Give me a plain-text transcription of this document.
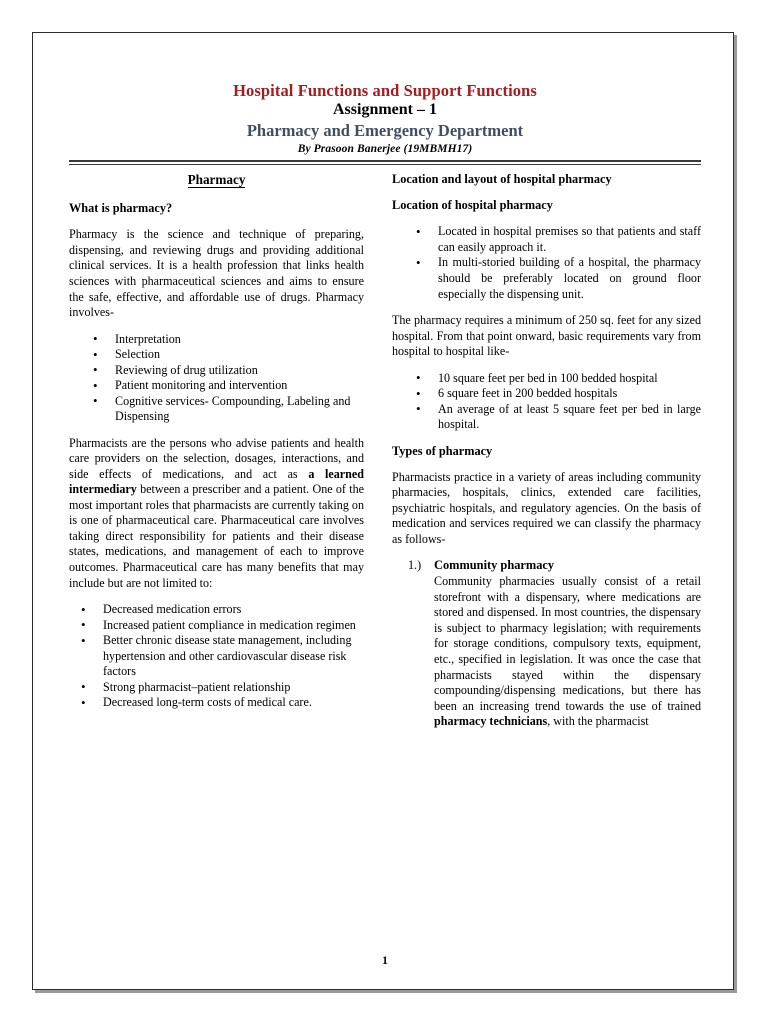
Hospital Functions and Support Functions
Assignment – 1
Pharmacy and Emergency Department
By Prasoon Banerjee (19MBMH17)
Pharmacy
What is pharmacy?

Pharmacy is the science and technique of preparing, dispensing, and reviewing drugs and providing additional clinical services. It is a health profession that links health sciences with pharmaceutical sciences and aims to ensure the safe, effective, and affordable use of drugs. Pharmacy involves-

• Interpretation
• Selection
• Reviewing of drug utilization
• Patient monitoring and intervention
• Cognitive services- Compounding, Labeling and Dispensing

Pharmacists are the persons who advise patients and health care providers on the selection, dosages, interactions, and side effects of medications, and act as a learned intermediary between a prescriber and a patient. One of the most important roles that pharmacists are currently taking on is one of pharmaceutical care. Pharmaceutical care involves taking direct responsibility for patients and their disease states, medications, and management of each to improve outcomes. Pharmaceutical care has many benefits that may include but are not limited to:

• Decreased medication errors
• Increased patient compliance in medication regimen
• Better chronic disease state management, including hypertension and other cardiovascular disease risk factors
• Strong pharmacist–patient relationship
• Decreased long-term costs of medical care.
Location and layout of hospital pharmacy
Location of hospital pharmacy
• Located in hospital premises so that patients and staff can easily approach it.
• In multi-storied building of a hospital, the pharmacy should be preferably located on ground floor especially the dispensing unit.

The pharmacy requires a minimum of 250 sq. feet for any sized hospital. From that point onward, basic requirements vary from hospital to hospital like-

• 10 square feet per bed in 100 bedded hospital
• 6 square feet in 200 bedded hospitals
• An average of at least 5 square feet per bed in large hospital.
Types of pharmacy

Pharmacists practice in a variety of areas including community pharmacies, hospitals, clinics, extended care facilities, psychiatric hospitals, and regulatory agencies. On the basis of medication and services required we can classify the pharmacy as follows-

1.) Community pharmacy
Community pharmacies usually consist of a retail storefront with a dispensary, where medications are stored and dispensed. In most countries, the dispensary is subject to pharmacy legislation; with requirements for storage conditions, compulsory texts, equipment, etc., specified in legislation. It was once the case that pharmacists stayed within the dispensary compounding/dispensing medications, but there has been an increasing trend towards the use of trained pharmacy technicians, with the pharmacist
1
